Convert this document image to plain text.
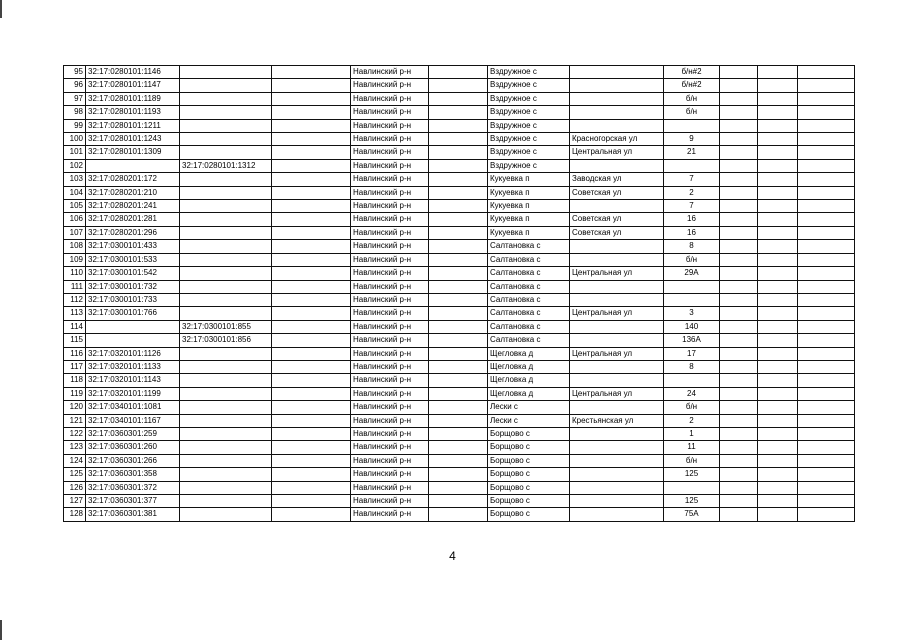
95	32:17:0280101:1146			Навлинский р-н		Вздружное с		б/н#2			
96	32:17:0280101:1147			Навлинский р-н		Вздружное с		б/н#2			
97	32:17:0280101:1189			Навлинский р-н		Вздружное с		б/н			
98	32:17:0280101:1193			Навлинский р-н		Вздружное с		б/н			
99	32:17:0280101:1211			Навлинский р-н		Вздружное с					
100	32:17:0280101:1243			Навлинский р-н		Вздружное с	Красногорская ул	9			
101	32:17:0280101:1309			Навлинский р-н		Вздружное с	Центральная ул	21			
102		32:17:0280101:1312		Навлинский р-н		Вздружное с					
103	32:17:0280201:172			Навлинский р-н		Кукуевка п	Заводская ул	7			
104	32:17:0280201:210			Навлинский р-н		Кукуевка п	Советская ул	2			
105	32:17:0280201:241			Навлинский р-н		Кукуевка п		7			
106	32:17:0280201:281			Навлинский р-н		Кукуевка п	Советская ул	16			
107	32:17:0280201:296			Навлинский р-н		Кукуевка п	Советская ул	16			
108	32:17:0300101:433			Навлинский р-н		Салтановка с		8			
109	32:17:0300101:533			Навлинский р-н		Салтановка с		б/н			
110	32:17:0300101:542			Навлинский р-н		Салтановка с	Центральная ул	29А			
111	32:17:0300101:732			Навлинский р-н		Салтановка с					
112	32:17:0300101:733			Навлинский р-н		Салтановка с					
113	32:17:0300101:766			Навлинский р-н		Салтановка с	Центральная ул	3			
114		32:17:0300101:855		Навлинский р-н		Салтановка с		140			
115		32:17:0300101:856		Навлинский р-н		Салтановка с		136А			
116	32:17:0320101:1126			Навлинский р-н		Щегловка д	Центральная ул	17			
117	32:17:0320101:1133			Навлинский р-н		Щегловка д		8			
118	32:17:0320101:1143			Навлинский р-н		Щегловка д					
119	32:17:0320101:1199			Навлинский р-н		Щегловка д	Центральная ул	24			
120	32:17:0340101:1081			Навлинский р-н		Лески с		б/н			
121	32:17:0340101:1167			Навлинский р-н		Лески с	Крестьянская ул	2			
122	32:17:0360301:259			Навлинский р-н		Борщово с		1			
123	32:17:0360301:260			Навлинский р-н		Борщово с		11			
124	32:17:0360301:266			Навлинский р-н		Борщово с		б/н			
125	32:17:0360301:358			Навлинский р-н		Борщово с		125			
126	32:17:0360301:372			Навлинский р-н		Борщово с					
127	32:17:0360301:377			Навлинский р-н		Борщово с		125			
128	32:17:0360301:381			Навлинский р-н		Борщово с		75А			
4
